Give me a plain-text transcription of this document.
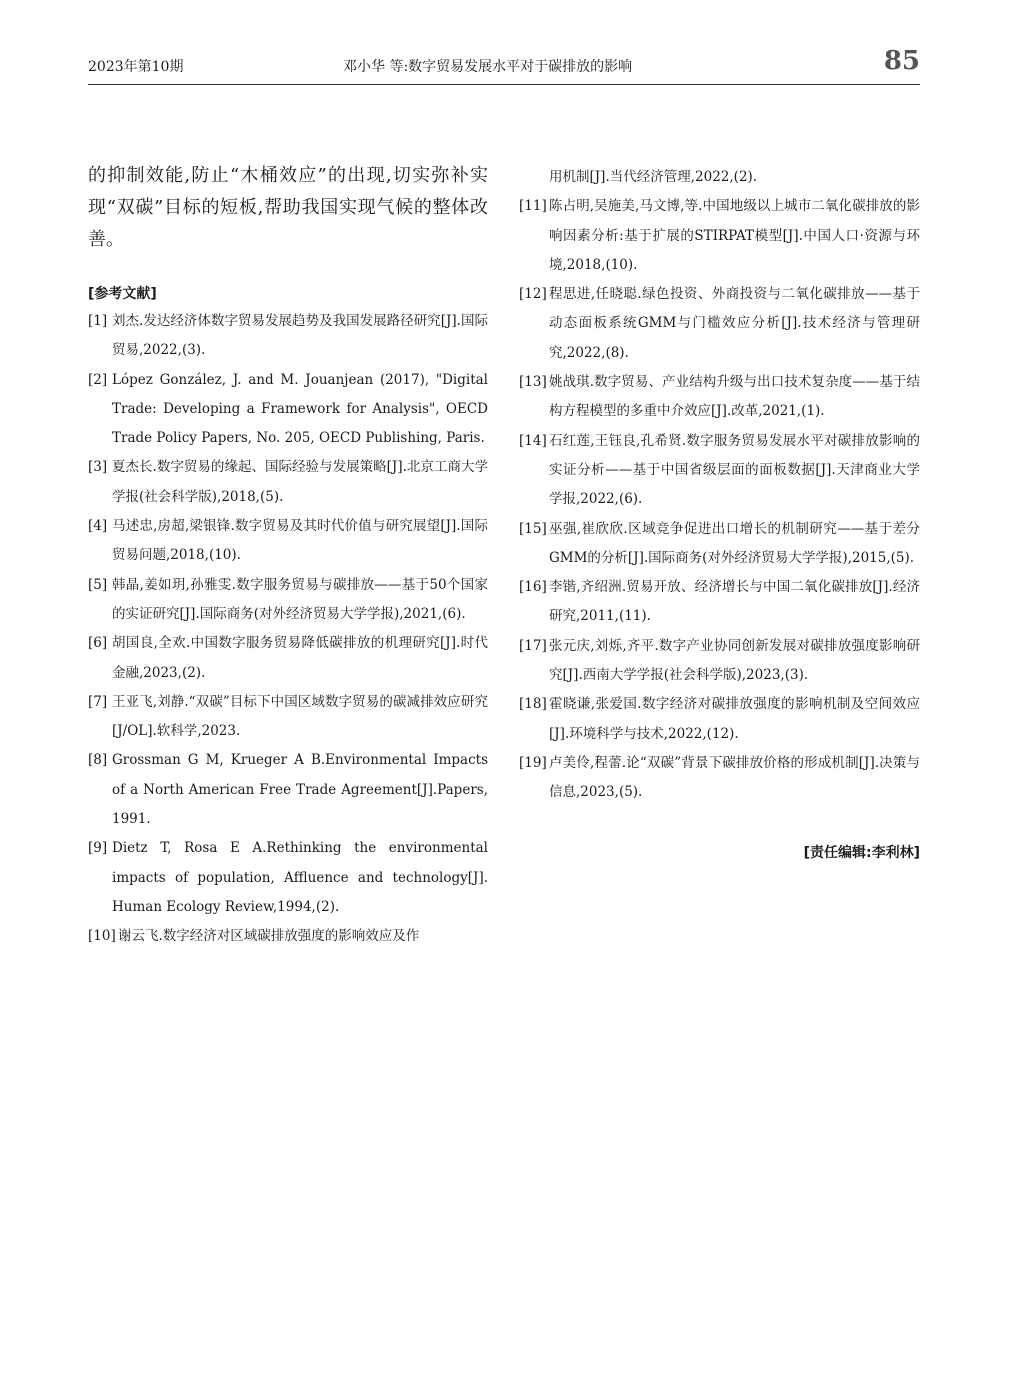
2023年第10期	邓小华 等:数字贸易发展水平对于碳排放的影响	85

的抑制效能,防止“木桶效应”的出现,切实弥补实现“双碳”目标的短板,帮助我国实现气候的整体改善。

[参考文献]
[1] 刘杰.发达经济体数字贸易发展趋势及我国发展路径研究[J].国际贸易,2022,(3).
[2] López González, J. and M. Jouanjean (2017), "Digital Trade: Developing a Framework for Analysis", OECD Trade Policy Papers, No. 205, OECD Publishing, Paris.
[3] 夏杰长.数字贸易的缘起、国际经验与发展策略[J].北京工商大学学报(社会科学版),2018,(5).
[4] 马述忠,房超,梁银锋.数字贸易及其时代价值与研究展望[J].国际贸易问题,2018,(10).
[5] 韩晶,姜如玥,孙雅雯.数字服务贸易与碳排放——基于50个国家的实证研究[J].国际商务(对外经济贸易大学学报),2021,(6).
[6] 胡国良,全欢.中国数字服务贸易降低碳排放的机理研究[J].时代金融,2023,(2).
[7] 王亚飞,刘静.“双碳”目标下中国区域数字贸易的碳减排效应研究[J/OL].软科学,2023.
[8] Grossman G M, Krueger A B.Environmental Impacts of a North American Free Trade Agreement[J].Papers, 1991.
[9] Dietz T, Rosa E A.Rethinking the environmental impacts of population, Affluence and technology[J]. Human Ecology Review,1994,(2).
[10] 谢云飞.数字经济对区域碳排放强度的影响效应及作
用机制[J].当代经济管理,2022,(2).
[11] 陈占明,吴施美,马文博,等.中国地级以上城市二氧化碳排放的影响因素分析:基于扩展的STIRPAT模型[J].中国人口·资源与环境,2018,(10).
[12] 程思进,任晓聪.绿色投资、外商投资与二氧化碳排放——基于动态面板系统GMM与门槛效应分析[J].技术经济与管理研究,2022,(8).
[13] 姚战琪.数字贸易、产业结构升级与出口技术复杂度——基于结构方程模型的多重中介效应[J].改革,2021,(1).
[14] 石红莲,王钰良,孔希贤.数字服务贸易发展水平对碳排放影响的实证分析——基于中国省级层面的面板数据[J].天津商业大学学报,2022,(6).
[15] 巫强,崔欣欣.区域竞争促进出口增长的机制研究——基于差分GMM的分析[J].国际商务(对外经济贸易大学学报),2015,(5).
[16] 李锴,齐绍洲.贸易开放、经济增长与中国二氧化碳排放[J].经济研究,2011,(11).
[17] 张元庆,刘烁,齐平.数字产业协同创新发展对碳排放强度影响研究[J].西南大学学报(社会科学版),2023,(3).
[18] 霍晓谦,张爱国.数字经济对碳排放强度的影响机制及空间效应[J].环境科学与技术,2022,(12).
[19] 卢美伶,程蕾.论“双碳”背景下碳排放价格的形成机制[J].决策与信息,2023,(5).
[责任编辑:李利林]
